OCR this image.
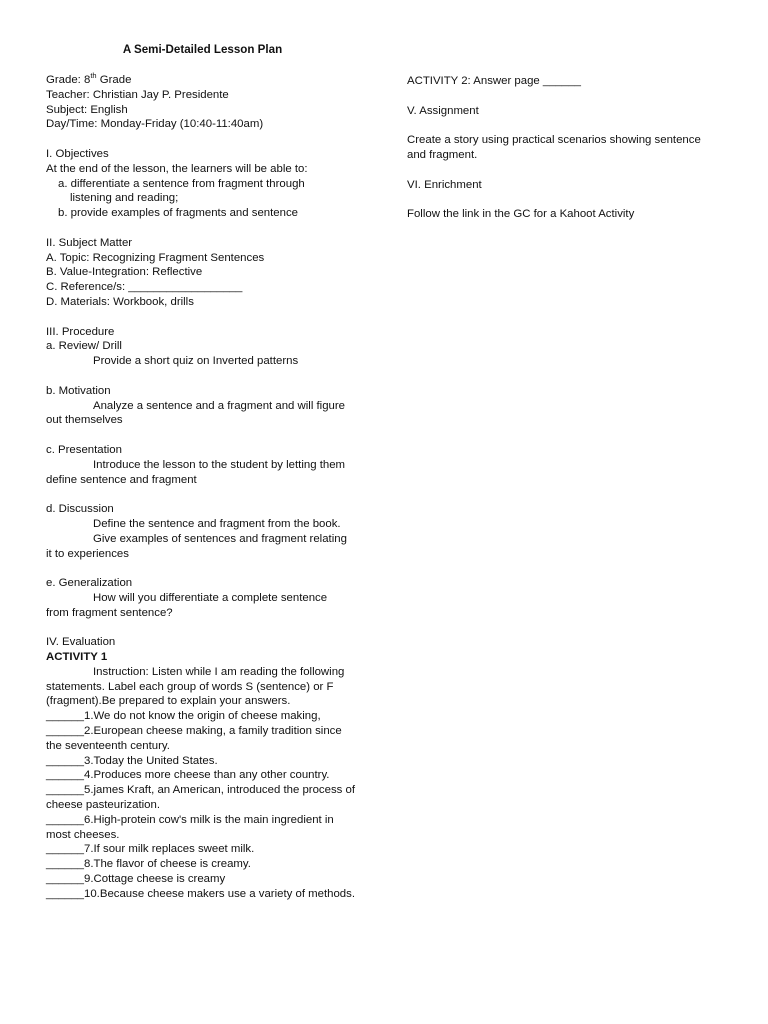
A Semi-Detailed Lesson Plan
Grade: 8th Grade
Teacher: Christian Jay P. Presidente
Subject: English
Day/Time: Monday-Friday (10:40-11:40am)
I. Objectives
At the end of the lesson, the learners will be able to:
a. differentiate a sentence from fragment through
listening and reading;
b. provide examples of fragments and sentence
II. Subject Matter
A. Topic: Recognizing Fragment Sentences
B. Value-Integration: Reflective
C. Reference/s: __________________
D. Materials: Workbook, drills
III. Procedure
a. Review/ Drill
Provide a short quiz on Inverted patterns
b. Motivation
Analyze a sentence and a fragment and will figure
out themselves
c. Presentation
Introduce the lesson to the student by letting them
define sentence and fragment
d. Discussion
Define the sentence and fragment from the book.
Give examples of sentences and fragment relating
it to experiences
e. Generalization
How will you differentiate a complete sentence
from fragment sentence?
IV. Evaluation
ACTIVITY 1
Instruction: Listen while I am reading the following
statements. Label each group of words S (sentence) or F
(fragment).Be prepared to explain your answers.
______1.We do not know the origin of cheese making,
______2.European cheese making, a family tradition since
the seventeenth century.
______3.Today the United States.
______4.Produces more cheese than any other country.
______5.james Kraft, an American, introduced the process of
cheese pasteurization.
______6.High-protein cow's milk is the main ingredient in
most cheeses.
______7.If sour milk replaces sweet milk.
______8.The flavor of cheese is creamy.
______9.Cottage cheese is creamy
______10.Because cheese makers use a variety of methods.
ACTIVITY 2: Answer page ______
V. Assignment
Create a story using practical scenarios showing sentence
and fragment.
VI. Enrichment
Follow the link in the GC for a Kahoot Activity
